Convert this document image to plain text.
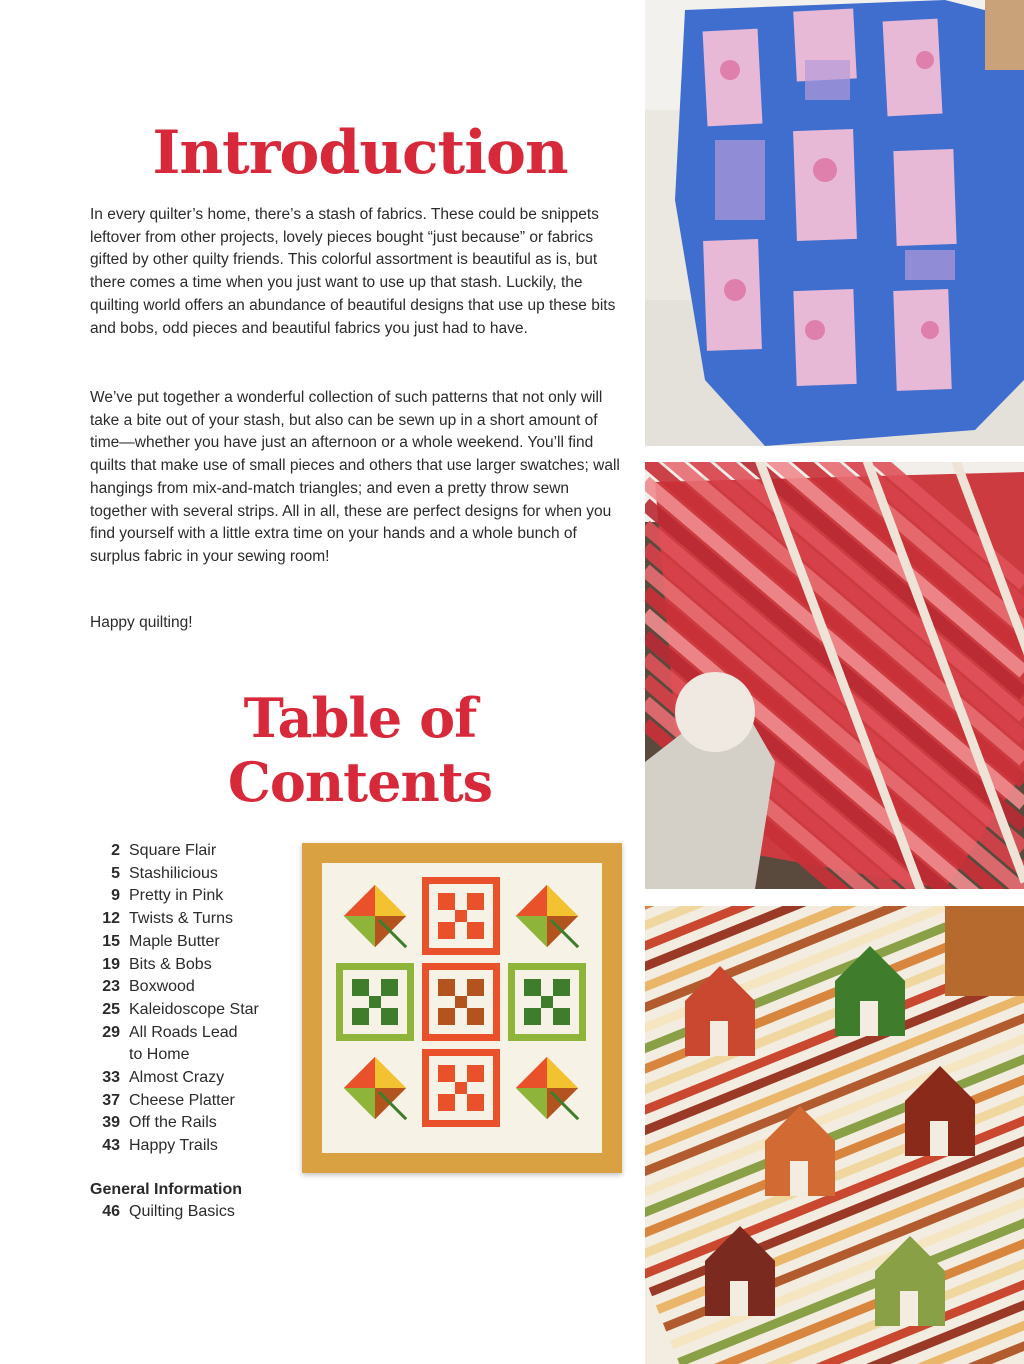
Introduction

In every quilter’s home, there’s a stash of fabrics. These could be snippets leftover from other projects, lovely pieces bought “just because” or fabrics gifted by other quilty friends. This colorful assortment is beautiful as is, but there comes a time when you just want to use up that stash. Luckily, the quilting world offers an abundance of beautiful designs that use up these bits and bobs, odd pieces and beautiful fabrics you just had to have.

We’ve put together a wonderful collection of such patterns that not only will take a bite out of your stash, but also can be sewn up in a short amount of time—whether you have just an afternoon or a whole weekend. You’ll find quilts that make use of small pieces and others that use larger swatches; wall hangings from mix-and-match triangles; and even a pretty throw sewn together with several strips. All in all, these are perfect designs for when you find yourself with a little extra time on your hands and a whole bunch of surplus fabric in your sewing room!

Happy quilting!

Table of
Contents
2 Square Flair
5 Stashilicious
9 Pretty in Pink
12 Twists & Turns
15 Maple Butter
19 Bits & Bobs
23 Boxwood
25 Kaleidoscope Star
29 All Roads Lead
to Home
33 Almost Crazy
37 Cheese Platter
39 Off the Rails
43 Happy Trails
General Information
46 Quilting Basics
